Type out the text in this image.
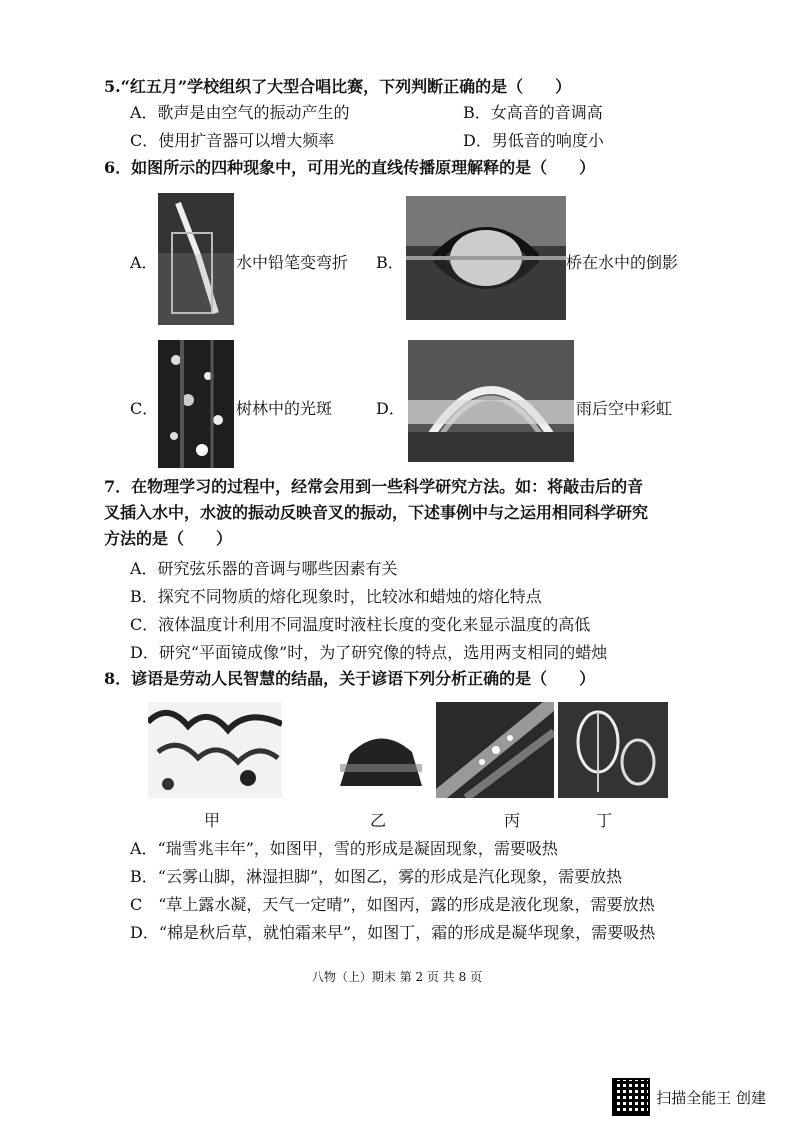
5.“红五月”学校组织了大型合唱比赛，下列判断正确的是（　　）
A．歌声是由空气的振动产生的	B．女高音的音调高
C．使用扩音器可以增大频率	D．男低音的响度小
6．如图所示的四种现象中，可用光的直线传播原理解释的是（　　）
A．	水中铅笔变弯折 B．	桥在水中的倒影
C．	树林中的光斑	D．	雨后空中彩虹
7．在物理学习的过程中，经常会用到一些科学研究方法。如：将敲击后的音
叉插入水中，水波的振动反映音叉的振动，下述事例中与之运用相同科学研究
方法的是（　　）
A．研究弦乐器的音调与哪些因素有关
B．探究不同物质的熔化现象时，比较冰和蜡烛的熔化特点
C．液体温度计利用不同温度时液柱长度的变化来显示温度的高低
D．研究“平面镜成像”时，为了研究像的特点，选用两支相同的蜡烛
8．谚语是劳动人民智慧的结晶，关于谚语下列分析正确的是（　　）
甲	乙	丙	丁
A．“瑞雪兆丰年”，如图甲，雪的形成是凝固现象，需要吸热
B．“云雾山脚，淋湿担脚”，如图乙，雾的形成是汽化现象，需要放热
C　“草上露水凝，天气一定晴”，如图丙，露的形成是液化现象，需要放热
D．“棉是秋后草，就怕霜来早”，如图丁，霜的形成是凝华现象，需要吸热
八物（上）期末 第 2 页 共 8 页
扫描全能王 创建
